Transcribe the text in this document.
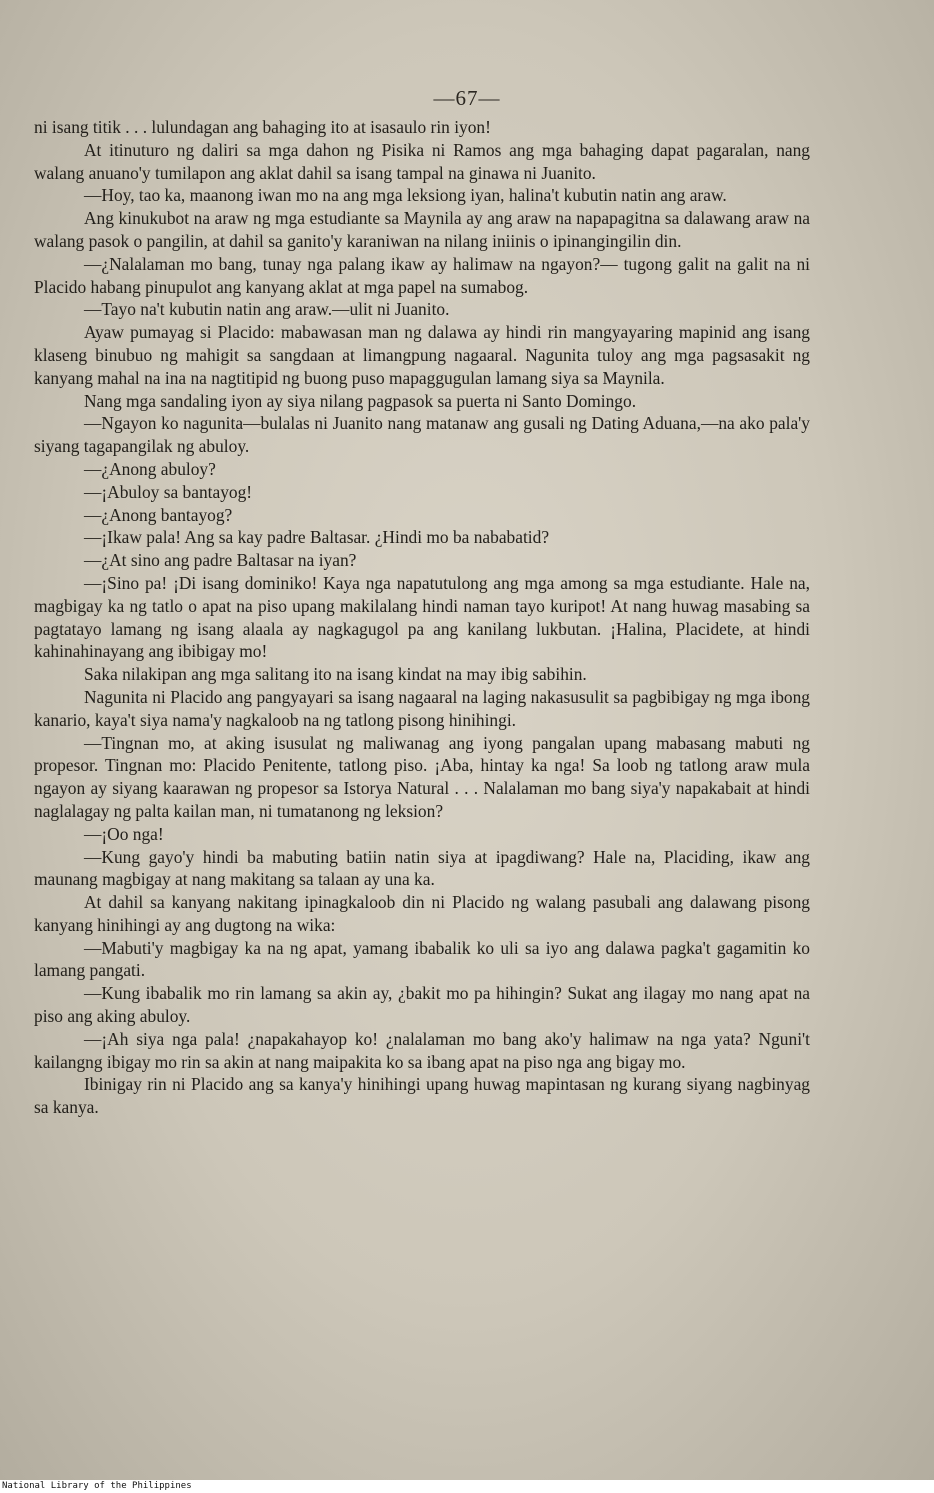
—67—

ni isang titik . . . lulundagan ang bahaging ito at isasaulo rin iyon!

At itinuturo ng daliri sa mga dahon ng Pisika ni Ramos ang mga bahaging dapat pagaralan, nang walang anuano'y tumilapon ang aklat dahil sa isang tampal na ginawa ni Juanito.

—Hoy, tao ka, maanong iwan mo na ang mga leksiong iyan, halina't kubutin natin ang araw.

Ang kinukubot na araw ng mga estudiante sa Maynila ay ang araw na napapagitna sa dalawang araw na walang pasok o pangilin, at dahil sa ganito'y karaniwan na nilang iniinis o ipinangingilin din.

—¿Nalalaman mo bang, tunay nga palang ikaw ay halimaw na ngayon?— tugong galit na galit na ni Placido habang pinupulot ang kanyang aklat at mga papel na sumabog.

—Tayo na't kubutin natin ang araw.—ulit ni Juanito.

Ayaw pumayag si Placido: mabawasan man ng dalawa ay hindi rin mangyayaring mapinid ang isang klaseng binubuo ng mahigit sa sangdaan at limangpung nagaaral. Nagunita tuloy ang mga pagsasakit ng kanyang mahal na ina na nagtitipid ng buong puso mapaggugulan lamang siya sa Maynila.

Nang mga sandaling iyon ay siya nilang pagpasok sa puerta ni Santo Domingo.

—Ngayon ko nagunita—bulalas ni Juanito nang matanaw ang gusali ng Dating Aduana,—na ako pala'y siyang tagapangilak ng abuloy.

—¿Anong abuloy?

—¡Abuloy sa bantayog!

—¿Anong bantayog?

—¡Ikaw pala! Ang sa kay padre Baltasar. ¿Hindi mo ba nababatid?

—¿At sino ang padre Baltasar na iyan?

—¡Sino pa! ¡Di isang dominiko! Kaya nga napatutulong ang mga among sa mga estudiante. Hale na, magbigay ka ng tatlo o apat na piso upang makilalang hindi naman tayo kuripot! At nang huwag masabing sa pagtatayo lamang ng isang alaala ay nagkagugol pa ang kanilang lukbutan. ¡Halina, Placidete, at hindi kahinahinayang ang ibibigay mo!

Saka nilakipan ang mga salitang ito na isang kindat na may ibig sabihin.

Nagunita ni Placido ang pangyayari sa isang nagaaral na laging nakasusulit sa pagbibigay ng mga ibong kanario, kaya't siya nama'y nagkaloob na ng tatlong pisong hinihingi.

—Tingnan mo, at aking isusulat ng maliwanag ang iyong pangalan upang mabasang mabuti ng propesor. Tingnan mo: Placido Penitente, tatlong piso. ¡Aba, hintay ka nga! Sa loob ng tatlong araw mula ngayon ay siyang kaarawan ng propesor sa Istorya Natural . . . Nalalaman mo bang siya'y napakabait at hindi naglalagay ng palta kailan man, ni tumatanong ng leksion?

—¡Oo nga!

—Kung gayo'y hindi ba mabuting batiin natin siya at ipagdiwang? Hale na, Placiding, ikaw ang maunang magbigay at nang makitang sa talaan ay una ka.

At dahil sa kanyang nakitang ipinagkaloob din ni Placido ng walang pasubali ang dalawang pisong kanyang hinihingi ay ang dugtong na wika:

—Mabuti'y magbigay ka na ng apat, yamang ibabalik ko uli sa iyo ang dalawa pagka't gagamitin ko lamang pangati.

—Kung ibabalik mo rin lamang sa akin ay, ¿bakit mo pa hihingin? Sukat ang ilagay mo nang apat na piso ang aking abuloy.

—¡Ah siya nga pala! ¿napakahayop ko! ¿nalalaman mo bang ako'y halimaw na nga yata? Nguni't kailangng ibigay mo rin sa akin at nang maipakita ko sa ibang apat na piso nga ang bigay mo.

Ibinigay rin ni Placido ang sa kanya'y hinihingi upang huwag mapintasan ng kurang siyang nagbinyag sa kanya.

National Library of the Philippines
